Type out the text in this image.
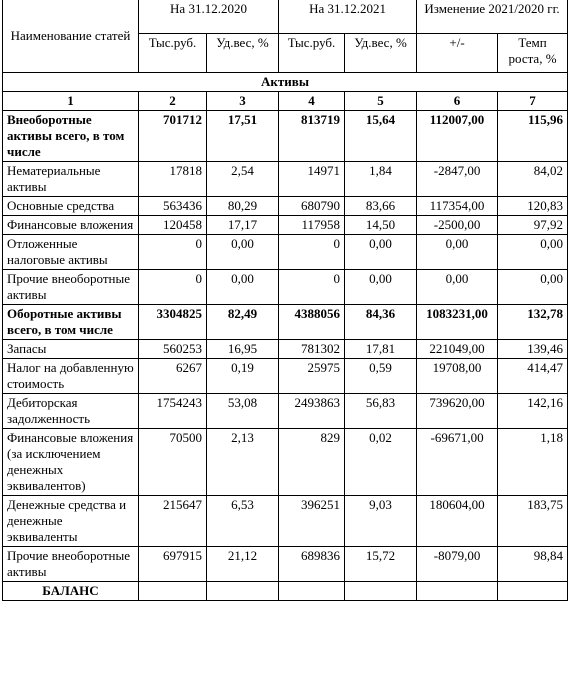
Наименование статей	На 31.12.2020		На 31.12.2021		Изменение 2021/2020 гг.	
	Тыс.руб.	Уд.вес, %	Тыс.руб.	Уд.вес, %	+/-	Темп роста, %
Активы						
1	2	3	4	5	6	7
Внеоборотные активы всего, в том числе	701712	17,51	813719	15,64	112007,00	115,96
Нематериальные активы	17818	2,54	14971	1,84	-2847,00	84,02
Основные средства	563436	80,29	680790	83,66	117354,00	120,83
Финансовые вложения	120458	17,17	117958	14,50	-2500,00	97,92
Отложенные налоговые активы	0	0,00	0	0,00	0,00	0,00
Прочие внеоборотные активы	0	0,00	0	0,00	0,00	0,00
Оборотные активы всего, в том числе	3304825	82,49	4388056	84,36	1083231,00	132,78
Запасы	560253	16,95	781302	17,81	221049,00	139,46
Налог на добавленную стоимость	6267	0,19	25975	0,59	19708,00	414,47
Дебиторская задолженность	1754243	53,08	2493863	56,83	739620,00	142,16
Финансовые вложения (за исключением денежных эквивалентов)	70500	2,13	829	0,02	-69671,00	1,18
Денежные средства и денежные эквиваленты	215647	6,53	396251	9,03	180604,00	183,75
Прочие внеоборотные активы	697915	21,12	689836	15,72	-8079,00	98,84
БАЛАНС						
